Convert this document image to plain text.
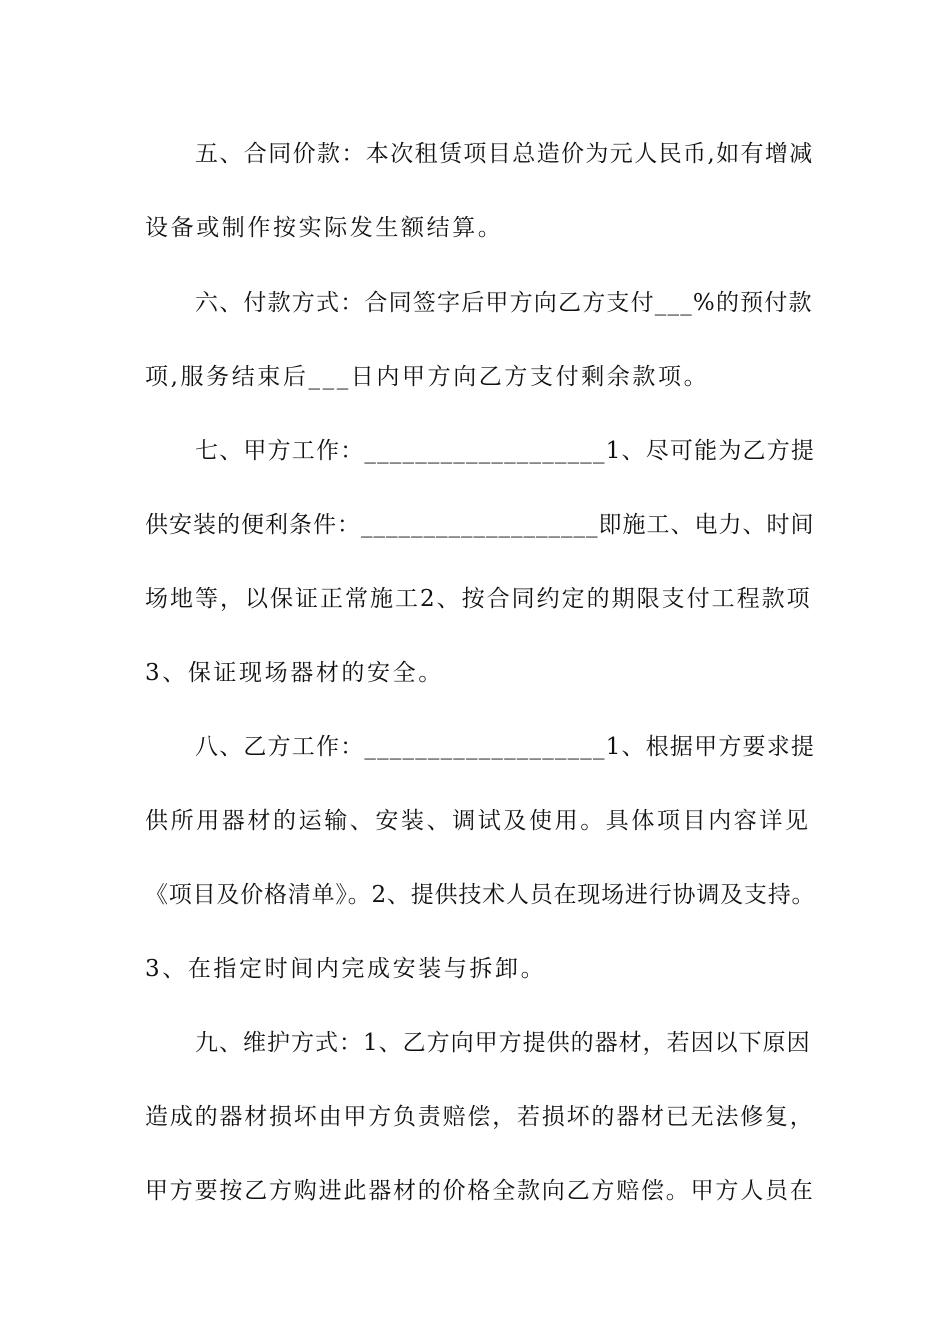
五、合同价款：本次租赁项目总造价为元人民币,如有增减
设备或制作按实际发生额结算。
六、付款方式：合同签字后甲方向乙方支付___%的预付款
项,服务结束后___日内甲方向乙方支付剩余款项。
七、甲方工作：___________________1、尽可能为乙方提
供安装的便利条件：___________________即施工、电力、时间
场地等，以保证正常施工2、按合同约定的期限支付工程款项
3、保证现场器材的安全。
八、乙方工作：___________________1、根据甲方要求提
供所用器材的运输、安装、调试及使用。具体项目内容详见
《项目及价格清单》。2、提供技术人员在现场进行协调及支持。
3、在指定时间内完成安装与拆卸。
九、维护方式：1、乙方向甲方提供的器材，若因以下原因
造成的器材损坏由甲方负责赔偿，若损坏的器材已无法修复，
甲方要按乙方购进此器材的价格全款向乙方赔偿。甲方人员在
